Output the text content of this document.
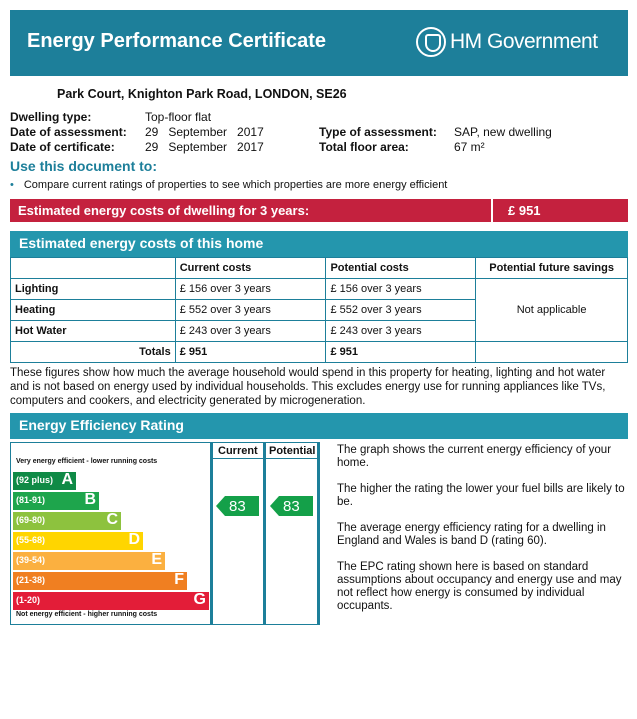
Energy Performance Certificate	HM Government
Park Court, Knighton Park Road, LONDON, SE26
Dwelling type:	Top-floor flat
Date of assessment: 29   September   2017
Date of certificate:	29   September   2017
Type of assessment: SAP, new dwelling
Total floor area:	67 m²
Use this document to:
• Compare current ratings of properties to see which properties are more energy efficient
Estimated energy costs of dwelling for 3 years:	£ 951
Estimated energy costs of this home
	Current costs	Potential costs	Potential future savings
Lighting	£ 156 over 3 years	£ 156 over 3 years	Not applicable
Heating	£ 552 over 3 years	£ 552 over 3 years	
Hot Water	£ 243 over 3 years	£ 243 over 3 years	
Totals	£ 951	£ 951	
These figures show how much the average household would spend in this property for heating, lighting and hot water and is not based on energy used by individual households. This excludes energy use for running appliances like TVs, computers and cookers, and electricity generated by microgeneration.
Energy Efficiency Rating
Very energy efficient - lower running costs
(92 plus) A
(81-91) B
(69-80)	C
(55-68)	D
(39-54)	E
(21-38)	F
(1-20)	G
Not energy efficient - higher running costs
Current Potential
83 83

The graph shows the current energy efficiency of your home.

The higher the rating the lower your fuel bills are likely to be.

The average energy efficiency rating for a dwelling in England and Wales is band D (rating 60).

The EPC rating shown here is based on standard assumptions about occupancy and energy use and may not reflect how energy is consumed by individual occupants.
